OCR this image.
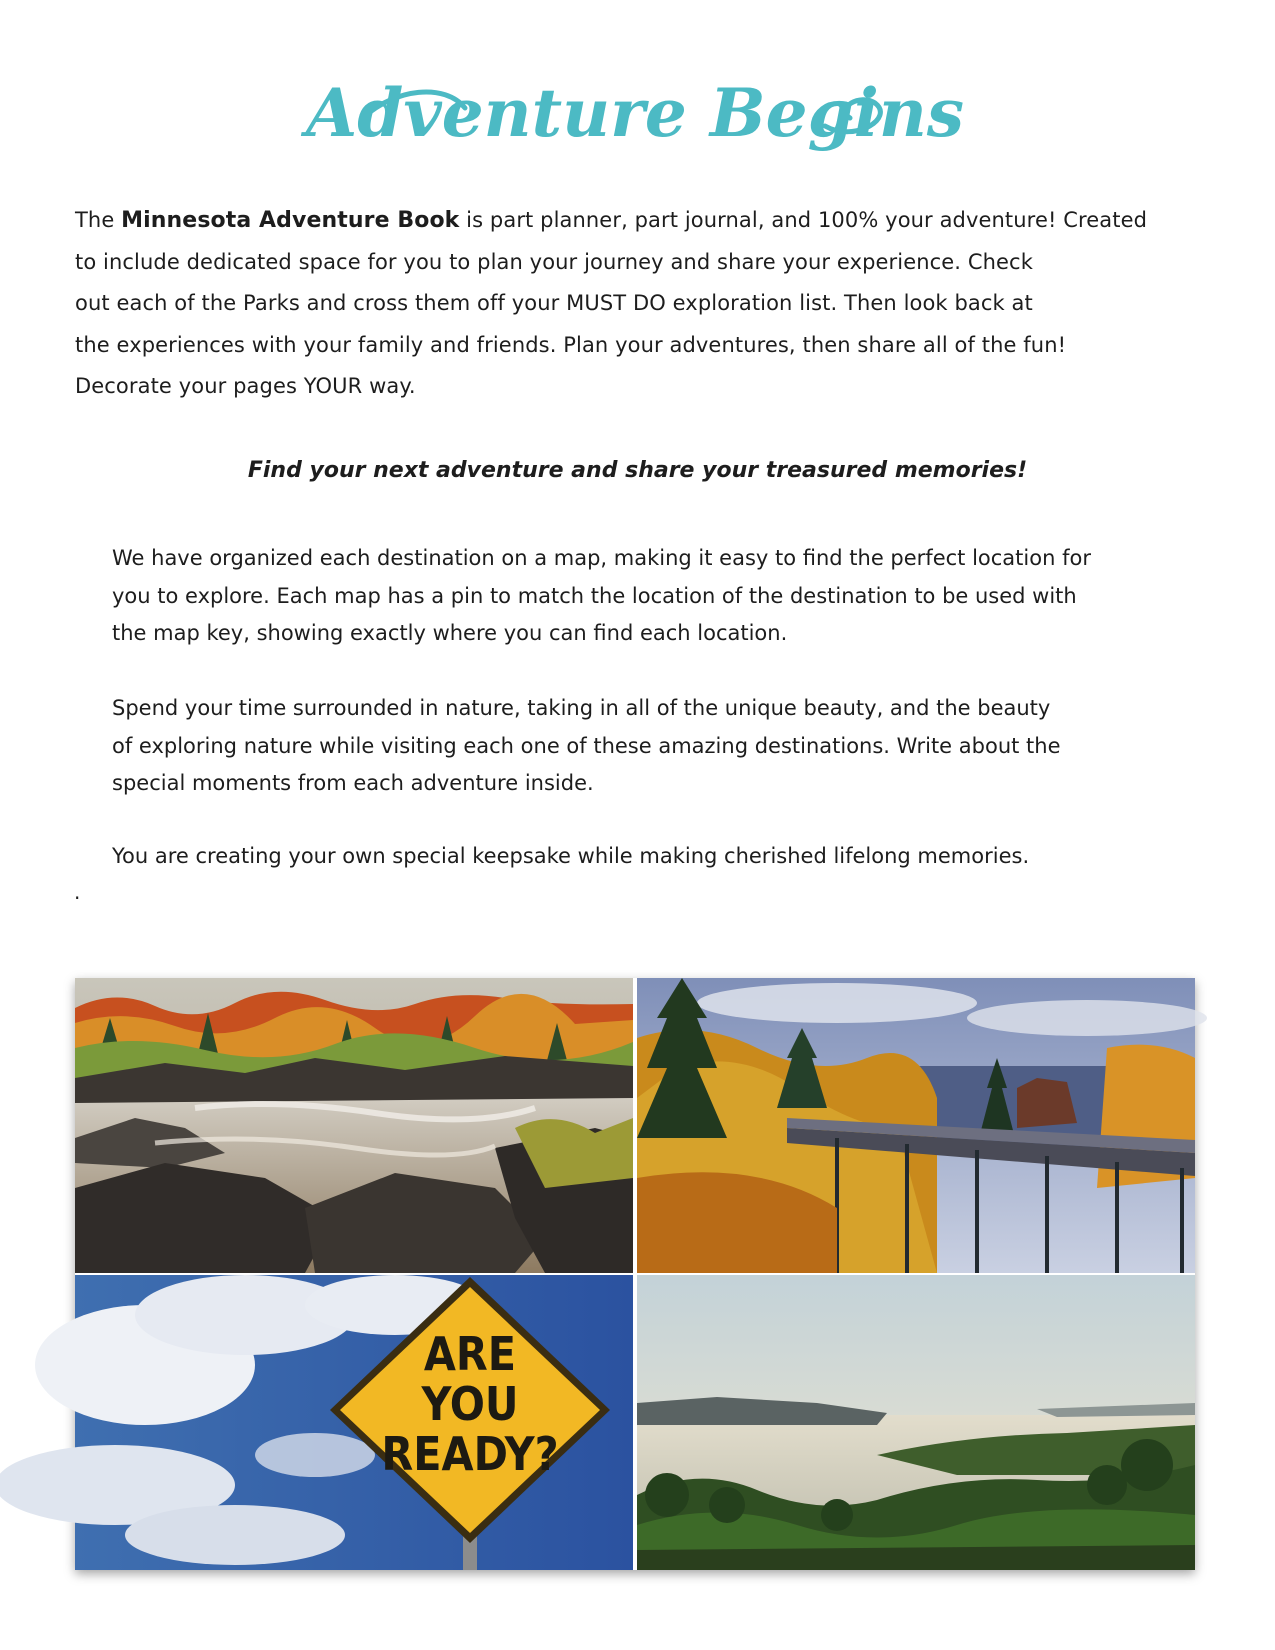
Adventure Begins
The Minnesota Adventure Book is part planner, part journal, and 100% your adventure! Created
to include dedicated space for you to plan your journey and share your experience. Check
out each of the Parks and cross them off your MUST DO exploration list. Then look back at
the experiences with your family and friends. Plan your adventures, then share all of the fun!
Decorate your pages YOUR way.
Find your next adventure and share your treasured memories!
We have organized each destination on a map, making it easy to find the perfect location for
you to explore. Each map has a pin to match the location of the destination to be used with
the map key, showing exactly where you can find each location.
Spend your time surrounded in nature, taking in all of the unique beauty, and the beauty
of exploring nature while visiting each one of these amazing destinations. Write about the
special moments from each adventure inside.
You are creating your own special keepsake while making cherished lifelong memories.
.
ARE
YOU
READY?
